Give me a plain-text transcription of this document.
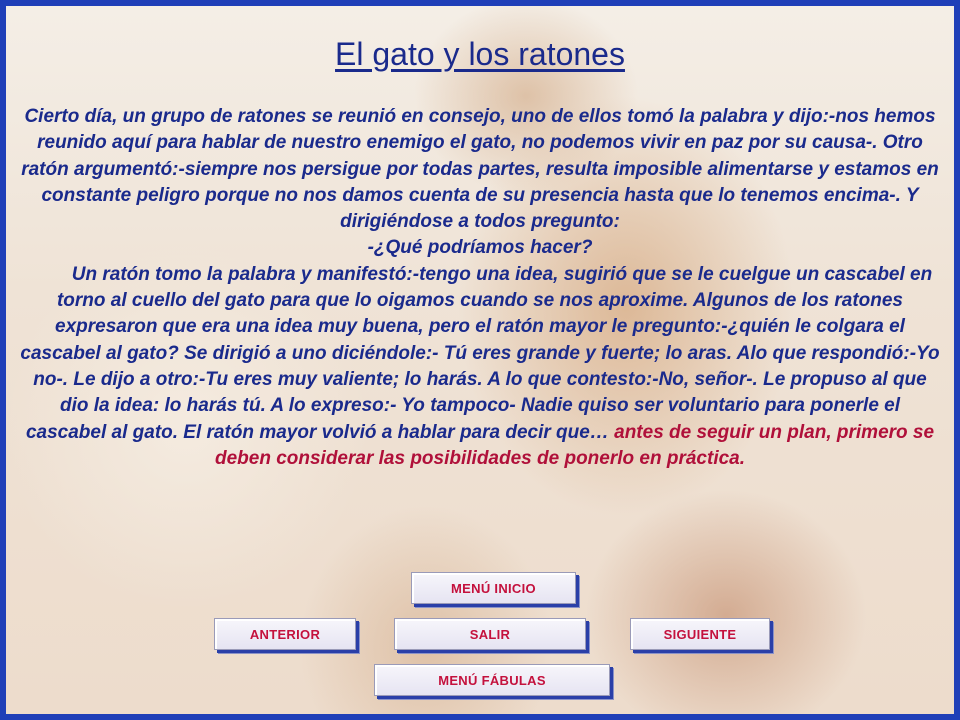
El gato y los ratones

Cierto día, un grupo de ratones se reunió en consejo, uno de ellos tomó la palabra y dijo:-nos hemos reunido aquí para hablar de nuestro enemigo el gato, no podemos vivir en paz por su causa-. Otro ratón argumentó:-siempre nos persigue por todas partes, resulta imposible alimentarse y estamos en constante peligro porque no nos damos cuenta de su presencia hasta que lo tenemos encima-. Y dirigiéndose a todos pregunto:

-¿Qué podríamos hacer?

Un ratón tomo la palabra y manifestó:-tengo una idea, sugirió que se le cuelgue un cascabel en torno al cuello del gato para que lo oigamos cuando se nos aproxime. Algunos de los ratones expresaron que era una idea muy buena, pero el ratón mayor le pregunto:-¿quién le colgara el cascabel al gato? Se dirigió a uno diciéndole:- Tú eres grande y fuerte; lo aras. Alo que respondió:-Yo no-. Le dijo a otro:-Tu eres muy valiente; lo harás. A lo que contesto:-No, señor-. Le propuso al que dio la idea: lo harás tú. A lo expreso:- Yo tampoco- Nadie quiso ser voluntario para ponerle el cascabel al gato. El ratón mayor volvió a hablar para decir que… antes de seguir un plan, primero se deben considerar las posibilidades de ponerlo en práctica.

MENÚ INICIO
ANTERIOR	SALIR	SIGUIENTE
MENÚ FÁBULAS
